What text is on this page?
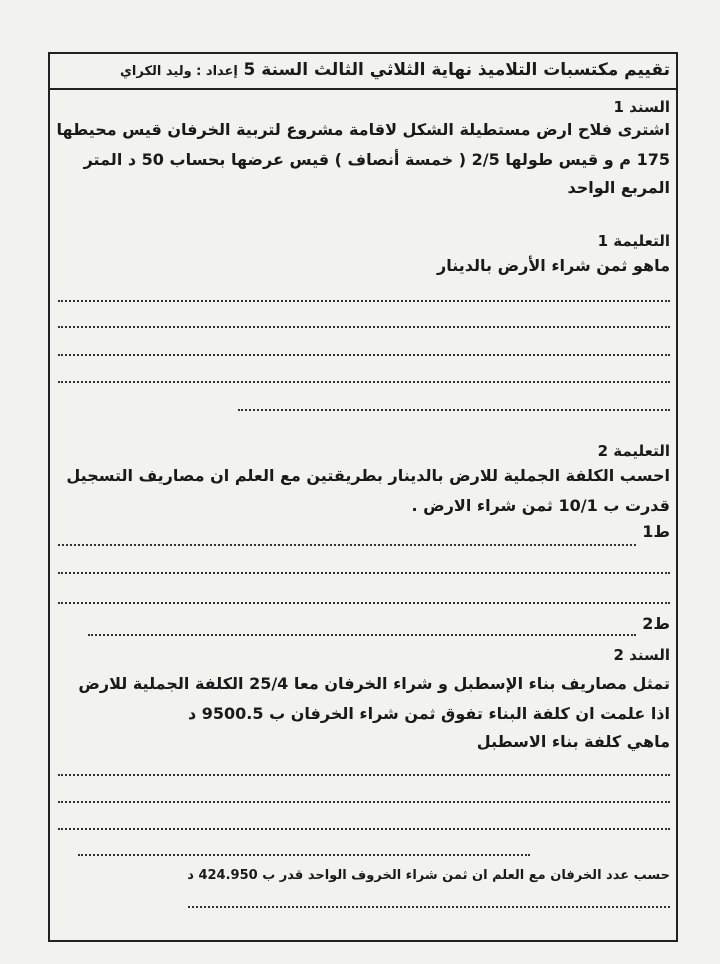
تقييم مكتسبات التلاميذ نهاية الثلاثي الثالث السنة 5
إعداد : وليد الكراي
السند 1
اشترى فلاح ارض مستطيلة الشكل لاقامة مشروع لتربية الخرفان قيس محيطها
175 م و قيس طولها 2/5 ( خمسة أنصاف ) قيس عرضها بحساب 50 د المتر
المربع الواحد
التعليمة 1
ماهو ثمن شراء الأرض بالدينار
التعليمة 2
احسب الكلفة الجملية للارض بالدينار بطريقتين مع العلم ان مصاريف التسجيل
قدرت ب 10/1 ثمن شراء الارض .
ط1
ط2
السند 2
تمثل مصاريف بناء الإسطبل و شراء الخرفان معا 25/4 الكلفة الجملية للارض
اذا علمت ان كلفة البناء تفوق ثمن شراء الخرفان ب 9500.5 د
ماهي كلفة بناء الاسطبل
حسب عدد الخرفان مع العلم ان ثمن شراء الخروف الواحد قدر ب 424.950 د
